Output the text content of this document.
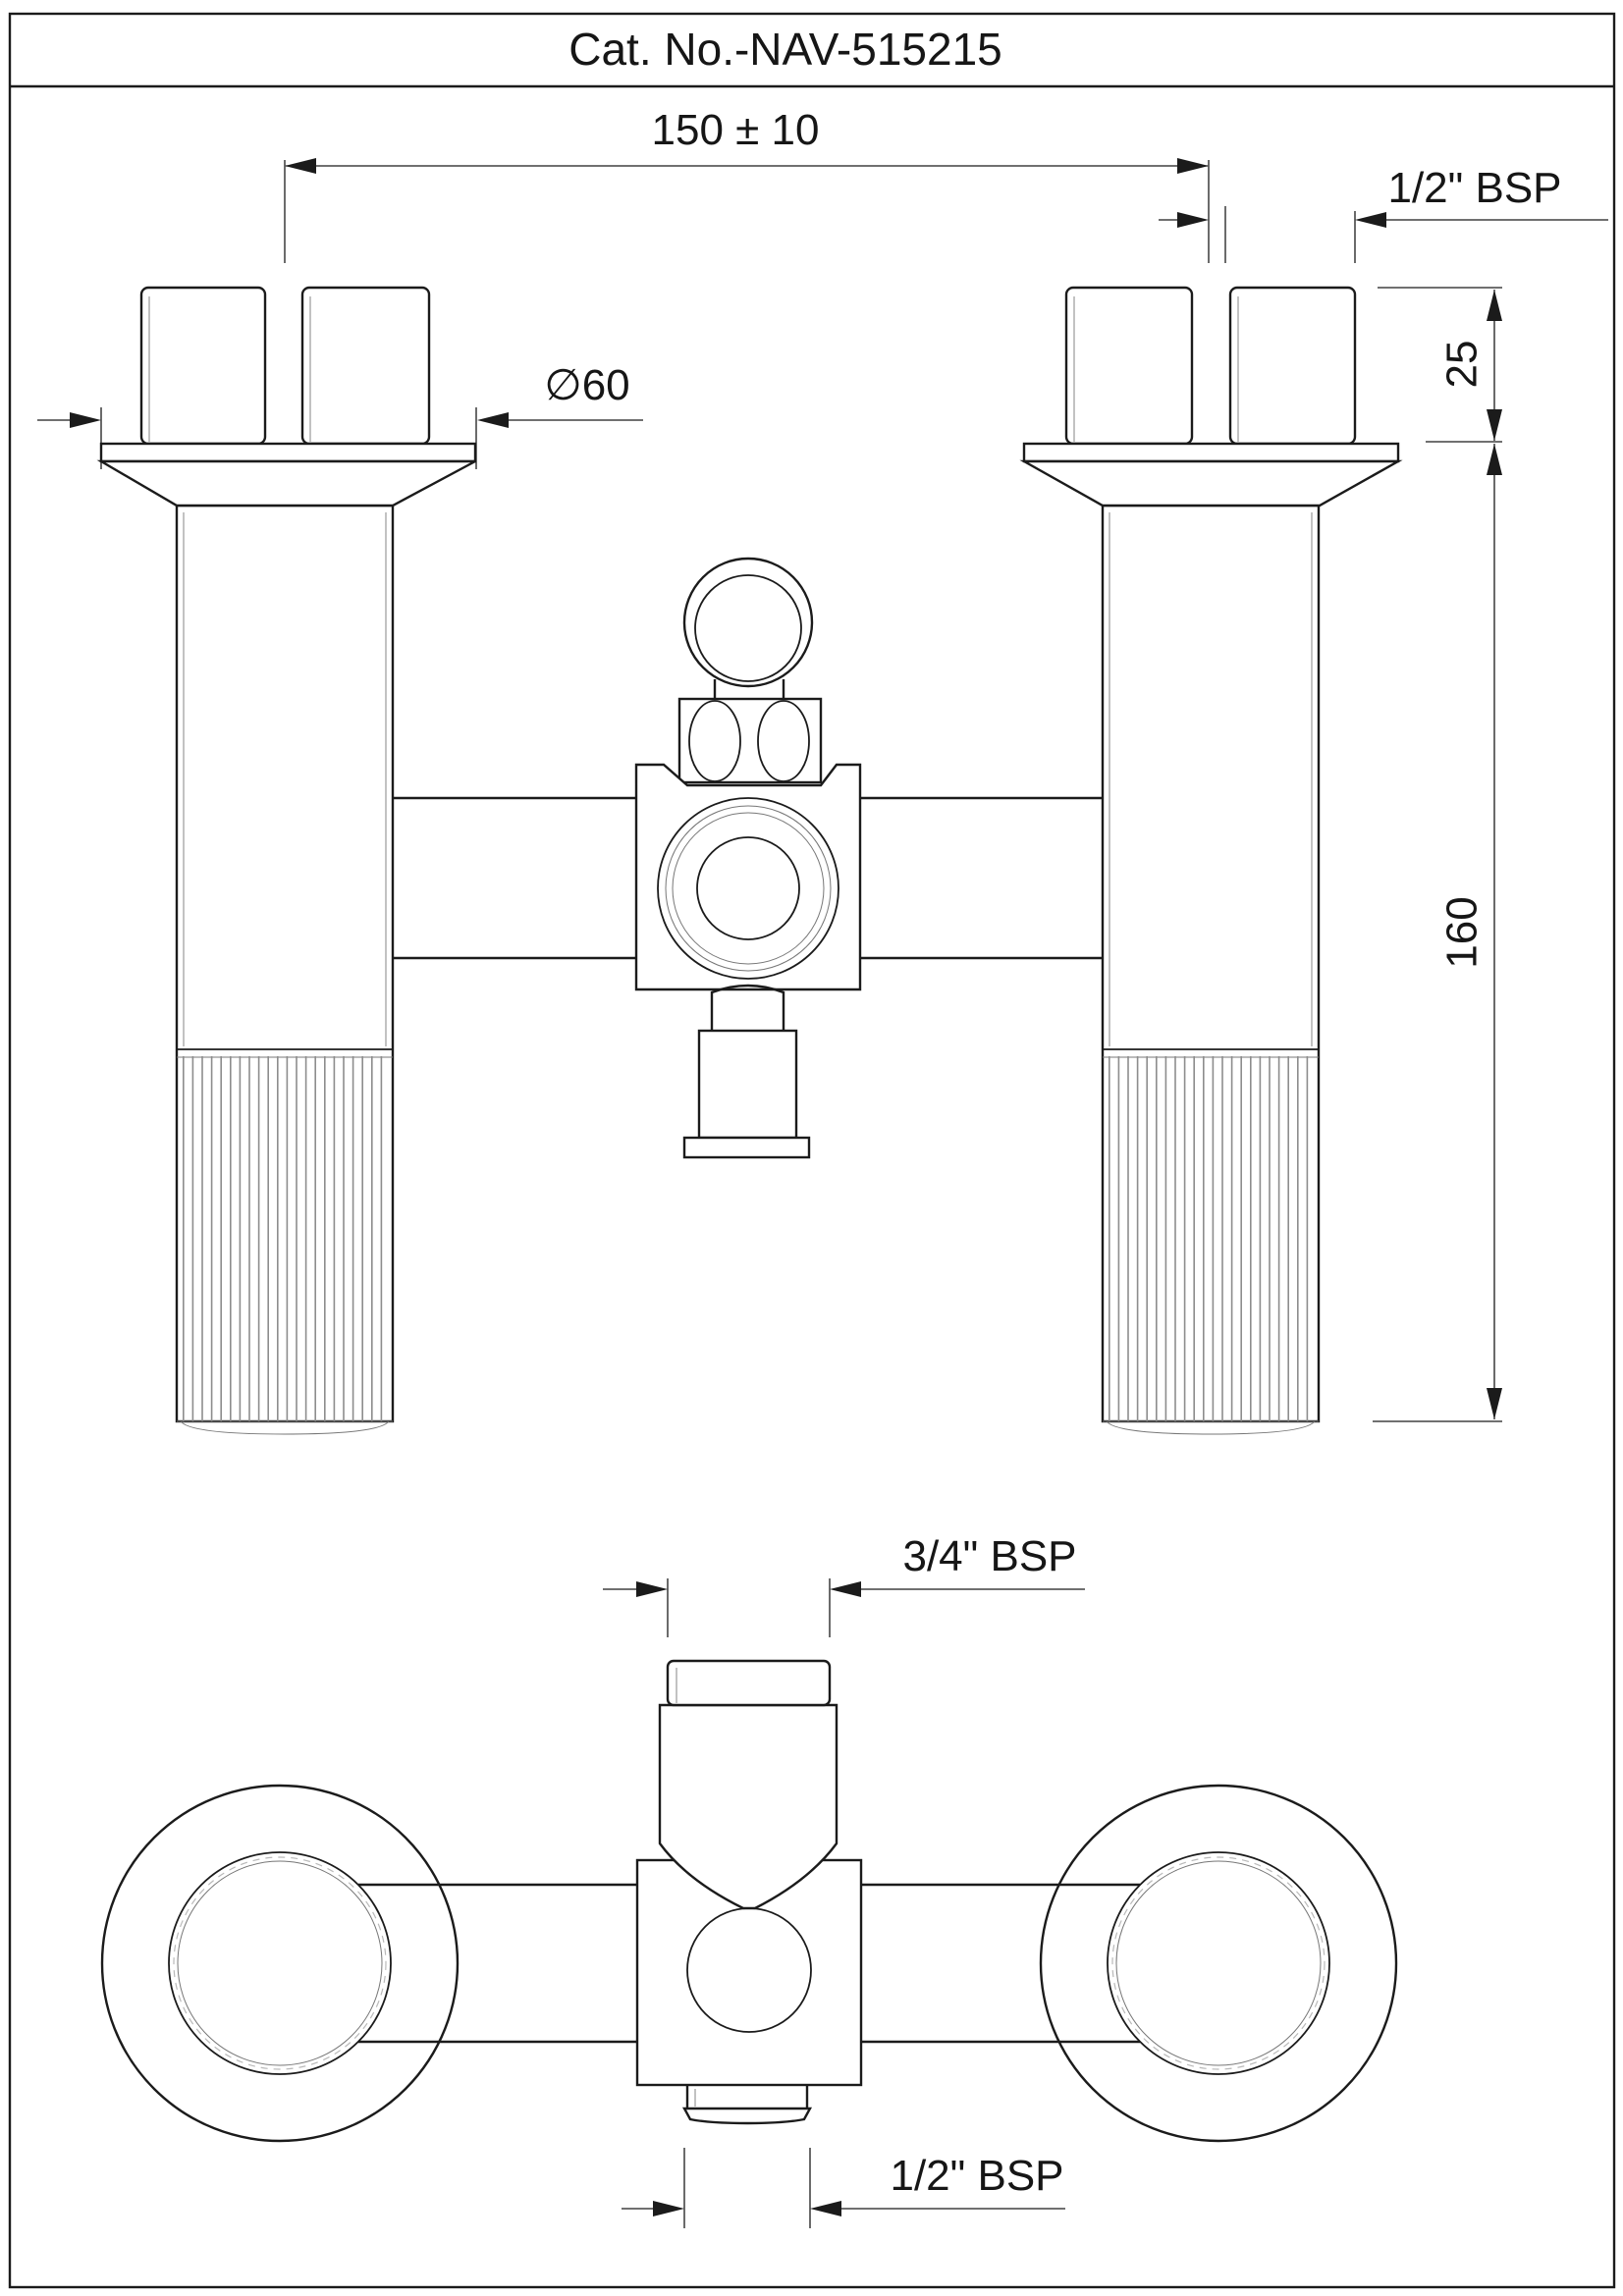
Cat. No.-NAV-515215
150 ± 10
1/2" BSP
∅60	25
160
3/4" BSP
1/2" BSP
